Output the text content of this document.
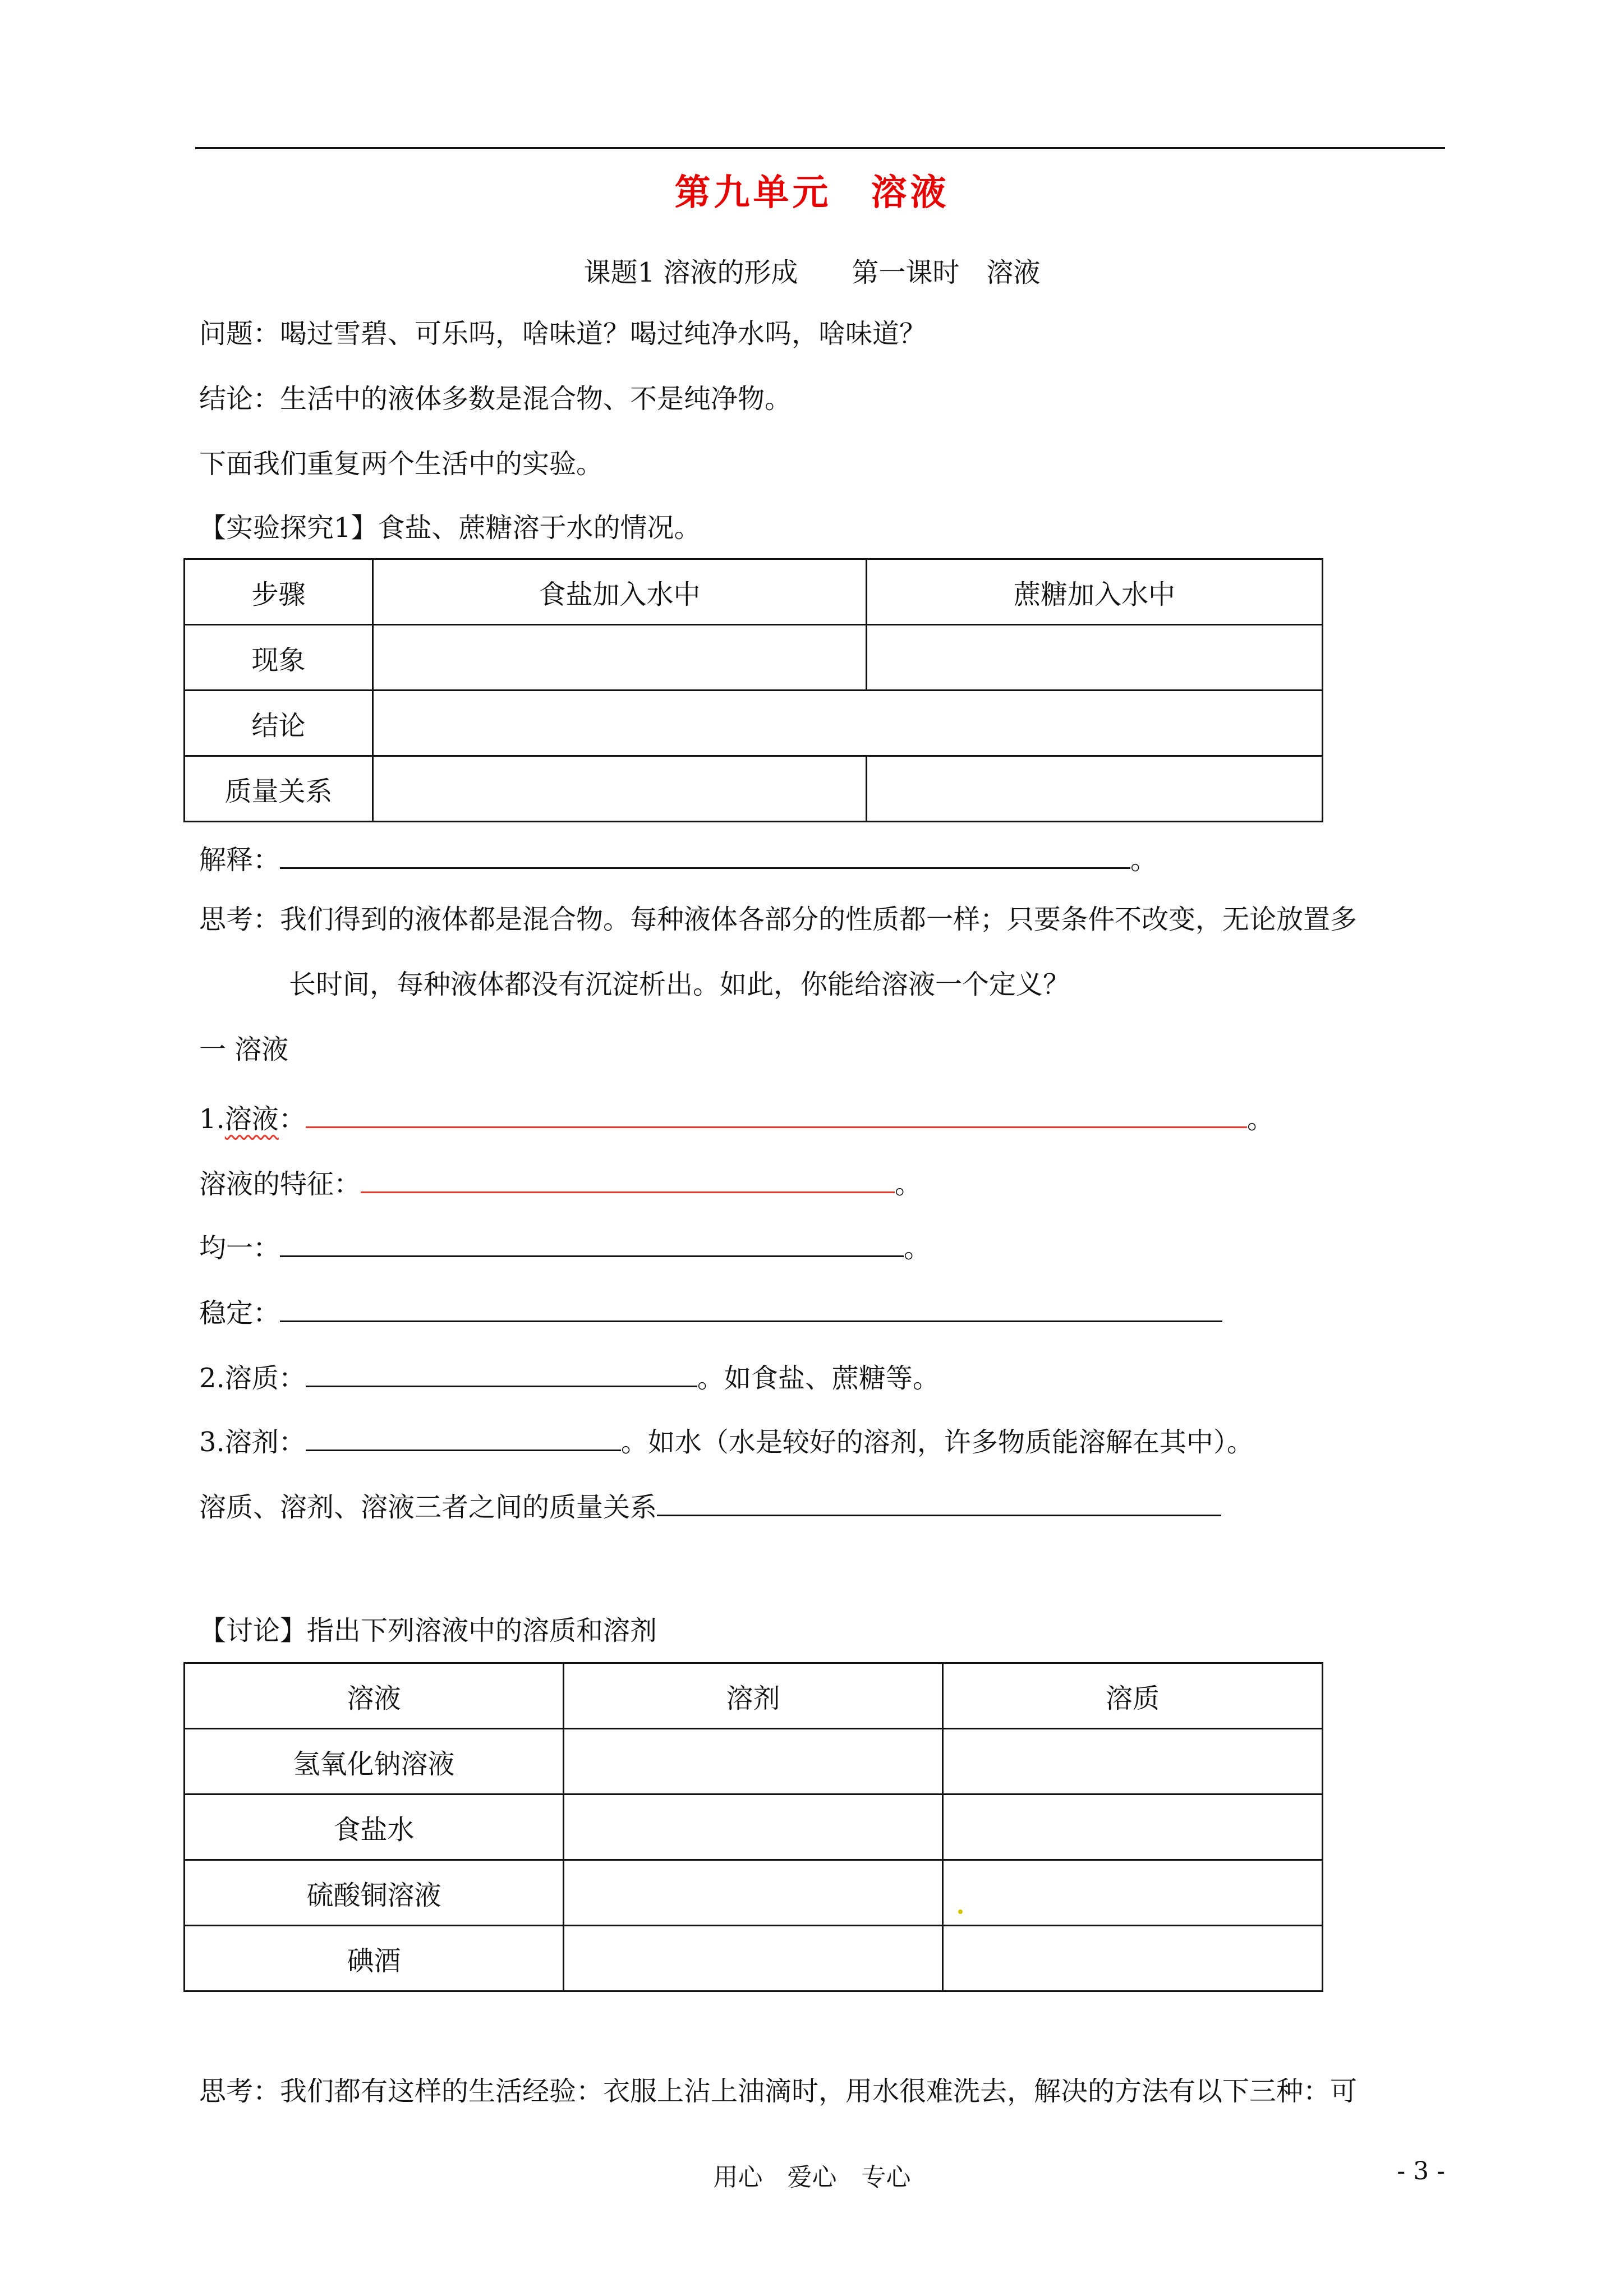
第九单元　溶液
课题1 溶液的形成　　第一课时　溶液
问题：喝过雪碧、可乐吗，啥味道？喝过纯净水吗，啥味道？
结论：生活中的液体多数是混合物、不是纯净物。
下面我们重复两个生活中的实验。
【实验探究1】食盐、蔗糖溶于水的情况。
步骤	食盐加入水中	蔗糖加入水中
现象		
结论		
质量关系		
解释：	。
思考：我们得到的液体都是混合物。每种液体各部分的性质都一样；只要条件不改变，无论放置多
长时间，每种液体都没有沉淀析出。如此，你能给溶液一个定义？
一 溶液
1.溶液：	。
溶液的特征：	。
均一：	。
稳定：
2.溶质：	。如食盐、蔗糖等。
3.溶剂：	。如水（水是较好的溶剂，许多物质能溶解在其中）。
溶质、溶剂、溶液三者之间的质量关系
【讨论】指出下列溶液中的溶质和溶剂
溶液	溶剂	溶质
氢氧化钠溶液		
食盐水		
硫酸铜溶液		
碘酒		
思考：我们都有这样的生活经验：衣服上沾上油滴时，用水很难洗去，解决的方法有以下三种：可
用心　爱心　专心	- 3 -
